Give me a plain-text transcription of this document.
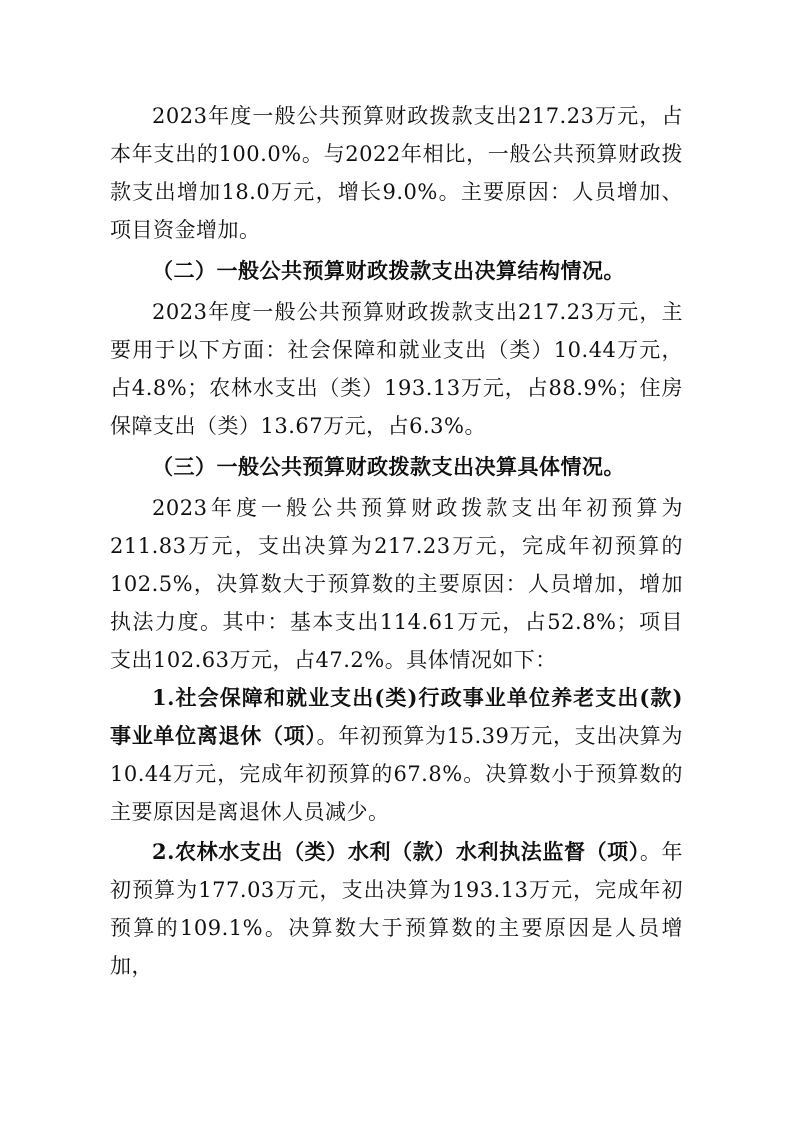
2023年度一般公共预算财政拨款支出217.23万元，占本年支出的100.0%。与2022年相比，一般公共预算财政拨款支出增加18.0万元，增长9.0%。主要原因：人员增加、项目资金增加。

（二）一般公共预算财政拨款支出决算结构情况。

2023年度一般公共预算财政拨款支出217.23万元，主要用于以下方面：社会保障和就业支出（类）10.44万元，占4.8%；农林水支出（类）193.13万元，占88.9%；住房保障支出（类）13.67万元，占6.3%。

（三）一般公共预算财政拨款支出决算具体情况。

2023年度一般公共预算财政拨款支出年初预算为211.83万元，支出决算为217.23万元，完成年初预算的102.5%，决算数大于预算数的主要原因：人员增加，增加执法力度。其中：基本支出114.61万元，占52.8%；项目支出102.63万元，占47.2%。具体情况如下：

1.社会保障和就业支出(类)行政事业单位养老支出(款)事业单位离退休（项）。年初预算为15.39万元，支出决算为10.44万元，完成年初预算的67.8%。决算数小于预算数的主要原因是离退休人员减少。

2.农林水支出（类）水利（款）水利执法监督（项）。年初预算为177.03万元，支出决算为193.13万元，完成年初预算的109.1%。决算数大于预算数的主要原因是人员增加，
